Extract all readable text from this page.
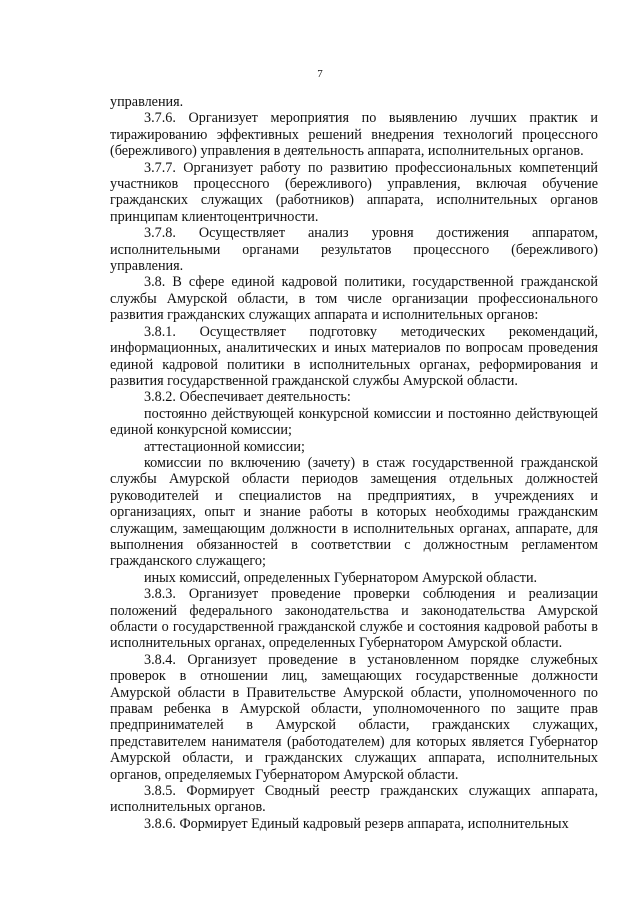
7

управления.

3.7.6. Организует мероприятия по выявлению лучших практик и тиражированию эффективных решений внедрения технологий процессного (бережливого) управления в деятельность аппарата, исполнительных органов.

3.7.7. Организует работу по развитию профессиональных компетенций участников процессного (бережливого) управления, включая обучение гражданских служащих (работников) аппарата, исполнительных органов принципам клиентоцентричности.

3.7.8. Осуществляет анализ уровня достижения аппаратом, исполнительными органами результатов процессного (бережливого) управления.

3.8. В сфере единой кадровой политики, государственной гражданской службы Амурской области, в том числе организации профессионального развития гражданских служащих аппарата и исполнительных органов:

3.8.1. Осуществляет подготовку методических рекомендаций, информационных, аналитических и иных материалов по вопросам проведения единой кадровой политики в исполнительных органах, реформирования и развития государственной гражданской службы Амурской области.

3.8.2. Обеспечивает деятельность:

постоянно действующей конкурсной комиссии и постоянно действующей единой конкурсной комиссии;

аттестационной комиссии;

комиссии по включению (зачету) в стаж государственной гражданской службы Амурской области периодов замещения отдельных должностей руководителей и специалистов на предприятиях, в учреждениях и организациях, опыт и знание работы в которых необходимы гражданским служащим, замещающим должности в исполнительных органах, аппарате, для выполнения обязанностей в соответствии с должностным регламентом гражданского служащего;

иных комиссий, определенных Губернатором Амурской области.

3.8.3. Организует проведение проверки соблюдения и реализации положений федерального законодательства и законодательства Амурской области о государственной гражданской службе и состояния кадровой работы в исполнительных органах, определенных Губернатором Амурской области.

3.8.4. Организует проведение в установленном порядке служебных проверок в отношении лиц, замещающих государственные должности Амурской области в Правительстве Амурской области, уполномоченного по правам ребенка в Амурской области, уполномоченного по защите прав предпринимателей в Амурской области, гражданских служащих, представителем нанимателя (работодателем) для которых является Губернатор Амурской области, и гражданских служащих аппарата, исполнительных органов, определяемых Губернатором Амурской области.

3.8.5. Формирует Сводный реестр гражданских служащих аппарата, исполнительных органов.

3.8.6. Формирует Единый кадровый резерв аппарата, исполнительных
